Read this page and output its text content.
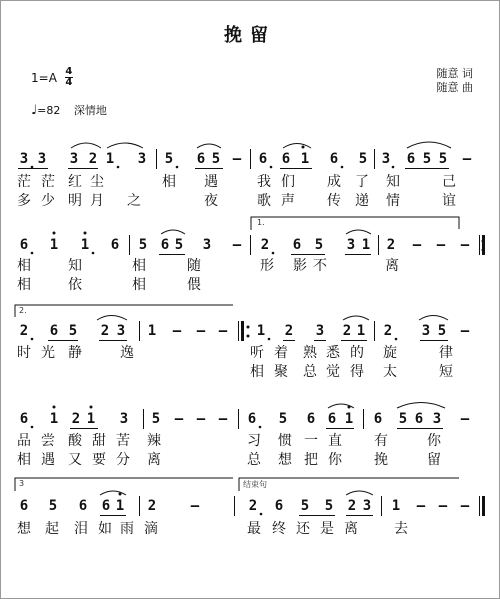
挽留
$1=A \frac{4}{4}$
♩=82 深情地
随意 词
随意 曲
3 3 3 2 1 3 5 6 5 — 6 6 1 6 5 3 6 5 5 —
茫 茫 红 尘	相 遇	我 们 成 了 知	己
多 少 明 月 之	夜	歌 声 传 递 情	谊
6 1 1 6 5 6 5 3 — 2 6 5 3 1 2 — — —
相	知	相	随	形 影 不	离
相	依	相	偎
2 6 5 2 3 1 — — — 1 2 3 2 1 2 3 5 —
时 光 静	逸	听 着 熟 悉 的 旋	律
相 聚 总 觉 得 太	短
6 1 2 1 3 5 — — — 6 5 6 6 1 6 5 6 3 —
品 尝 酸 甜 苦 辣	习 惯 一 直 有	你
相 遇 又 要 分 离	总 想 把 你 挽	留
6 5 6 6 1 2 —	2 6 5 5 2 3 1 — — —
想 起 泪 如 雨 滴	最 终 还 是 离	去
1.
2.
3	结束句
